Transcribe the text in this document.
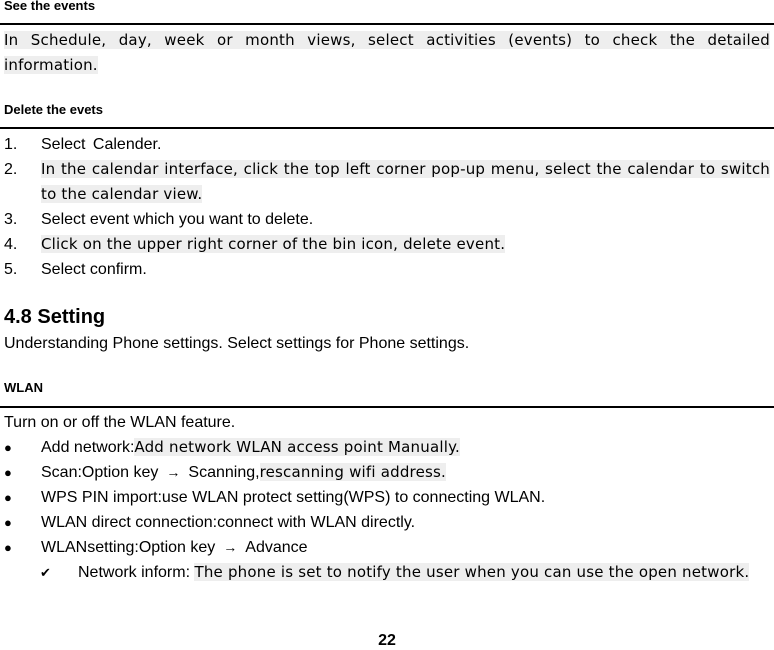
See the events

In Schedule, day, week or month views, select activities (events) to check the detailed information.

Delete the evets
1.	Select Calender.
2.	In the calendar interface, click the top left corner pop-up menu, select the calendar to switch to the calendar view.
3.	Select event which you want to delete.
4.	Click on the upper right corner of the bin icon, delete event.
5.	Select confirm.
4.8 Setting

Understanding Phone settings. Select settings for Phone settings.

WLAN

Turn on or off the WLAN feature.

● Add network:Add network WLAN access point Manually.
● Scan:Option key → Scanning,rescanning wifi address.
● WPS PIN import:use WLAN protect setting(WPS) to connecting WLAN.
● WLAN direct connection:connect with WLAN directly.
● WLANsetting:Option key → Advance
✔	Network inform: The phone is set to notify the user when you can use the open network.
22
